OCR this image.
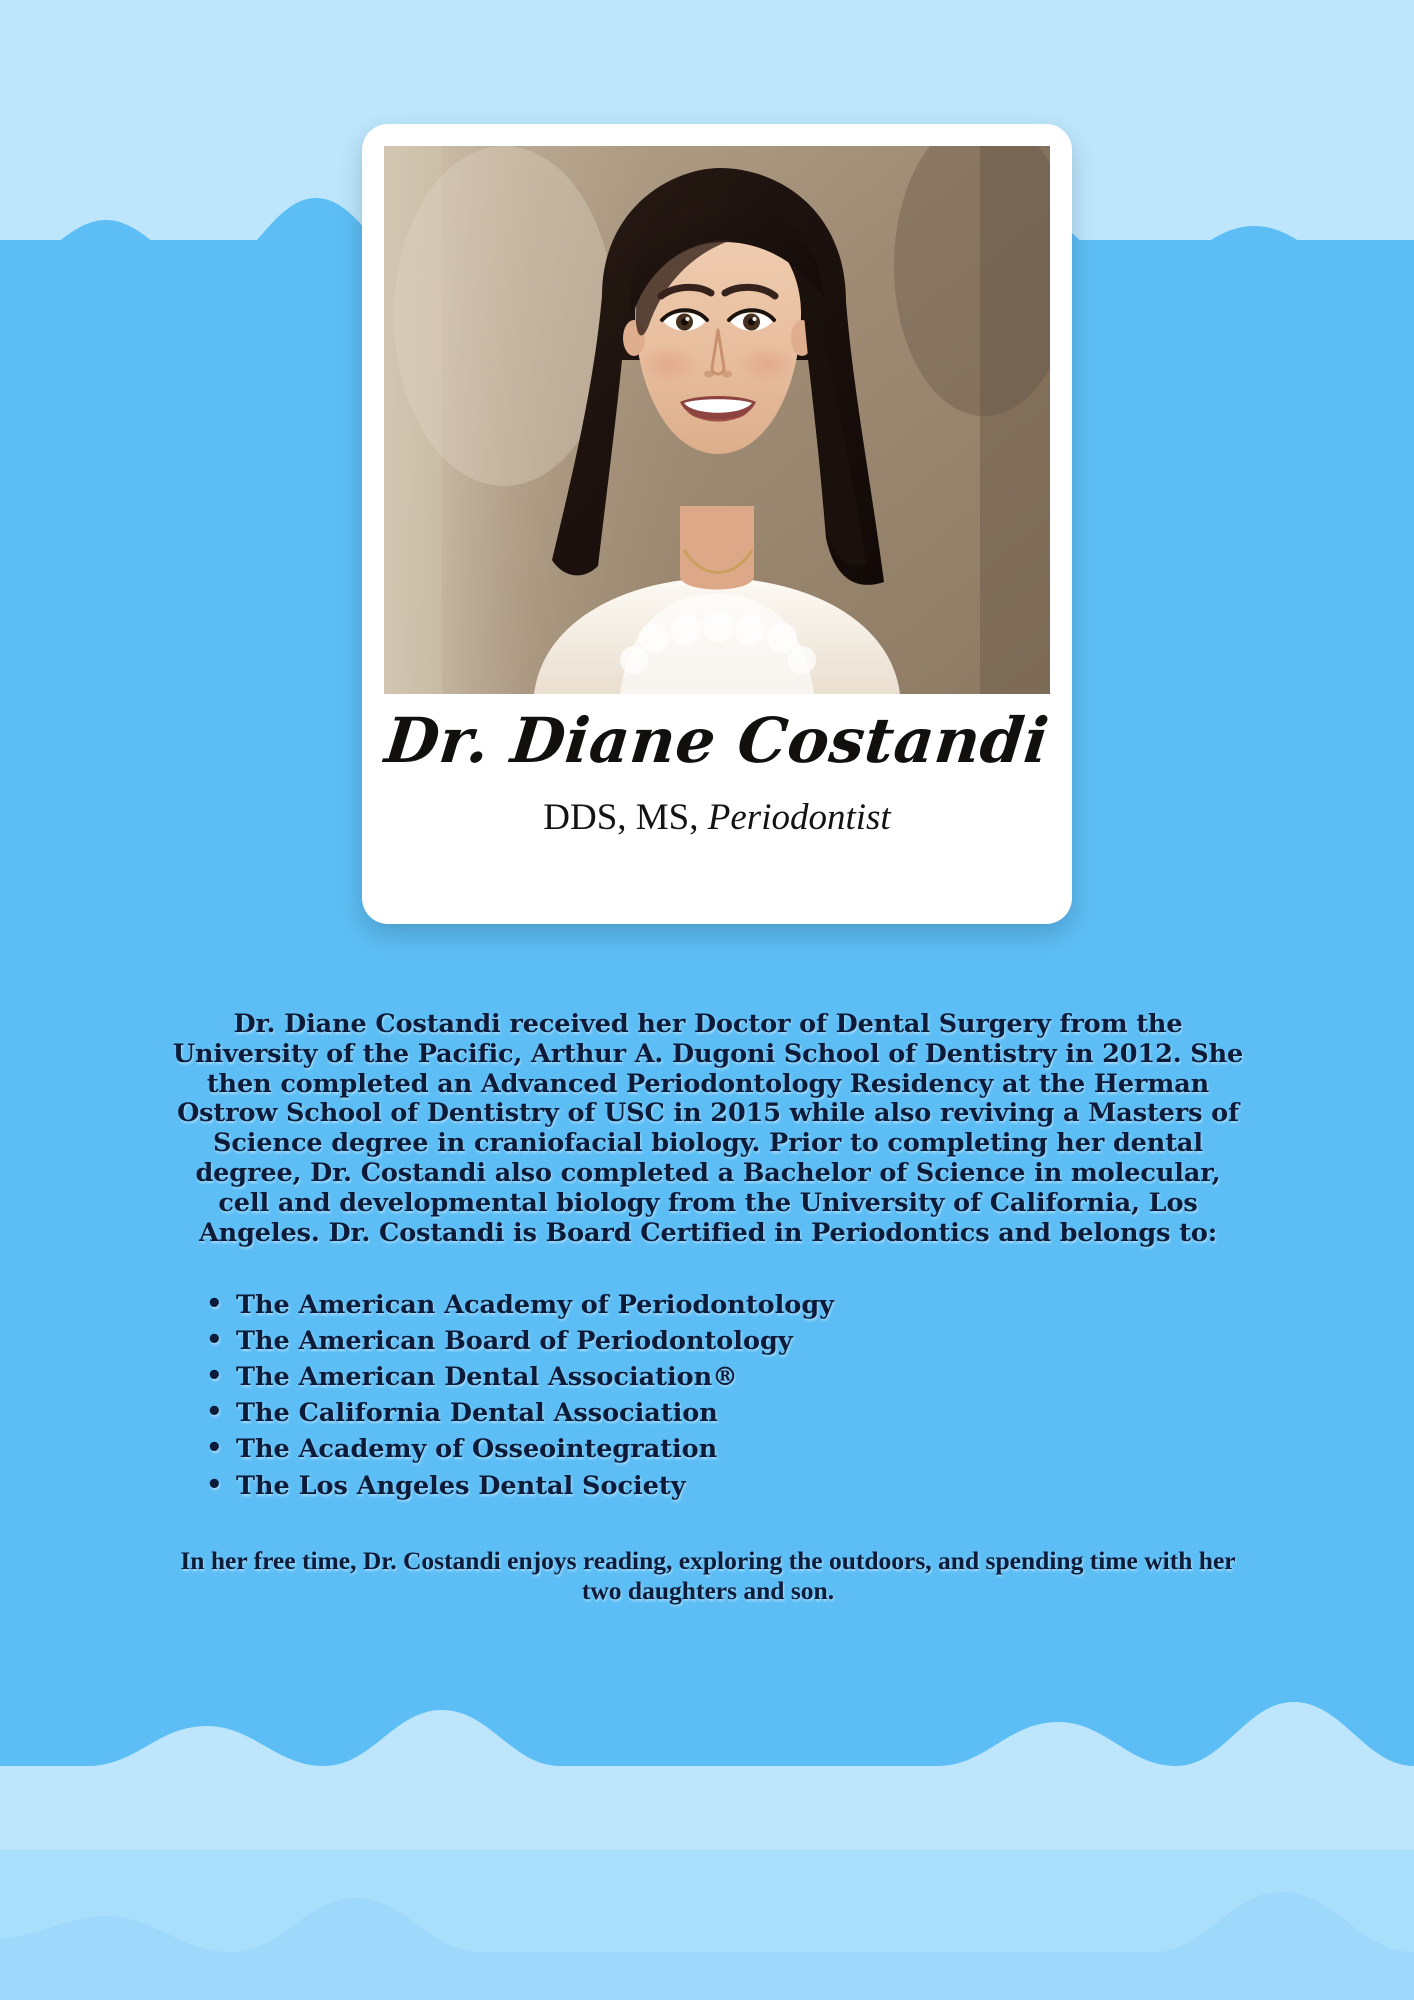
Dr. Diane Costandi
DDS, MS, Periodontist

Dr. Diane Costandi received her Doctor of Dental Surgery from the University of the Pacific, Arthur A. Dugoni School of Dentistry in 2012. She then completed an Advanced Periodontology Residency at the Herman Ostrow School of Dentistry of USC in 2015 while also reviving a Masters of Science degree in craniofacial biology. Prior to completing her dental degree, Dr. Costandi also completed a Bachelor of Science in molecular, cell and developmental biology from the University of California, Los Angeles. Dr. Costandi is Board Certified in Periodontics and belongs to:

• The American Academy of Periodontology
• The American Board of Periodontology
• The American Dental Association®
• The California Dental Association
• The Academy of Osseointegration
• The Los Angeles Dental Society

In her free time, Dr. Costandi enjoys reading, exploring the outdoors, and spending time with her two daughters and son.
